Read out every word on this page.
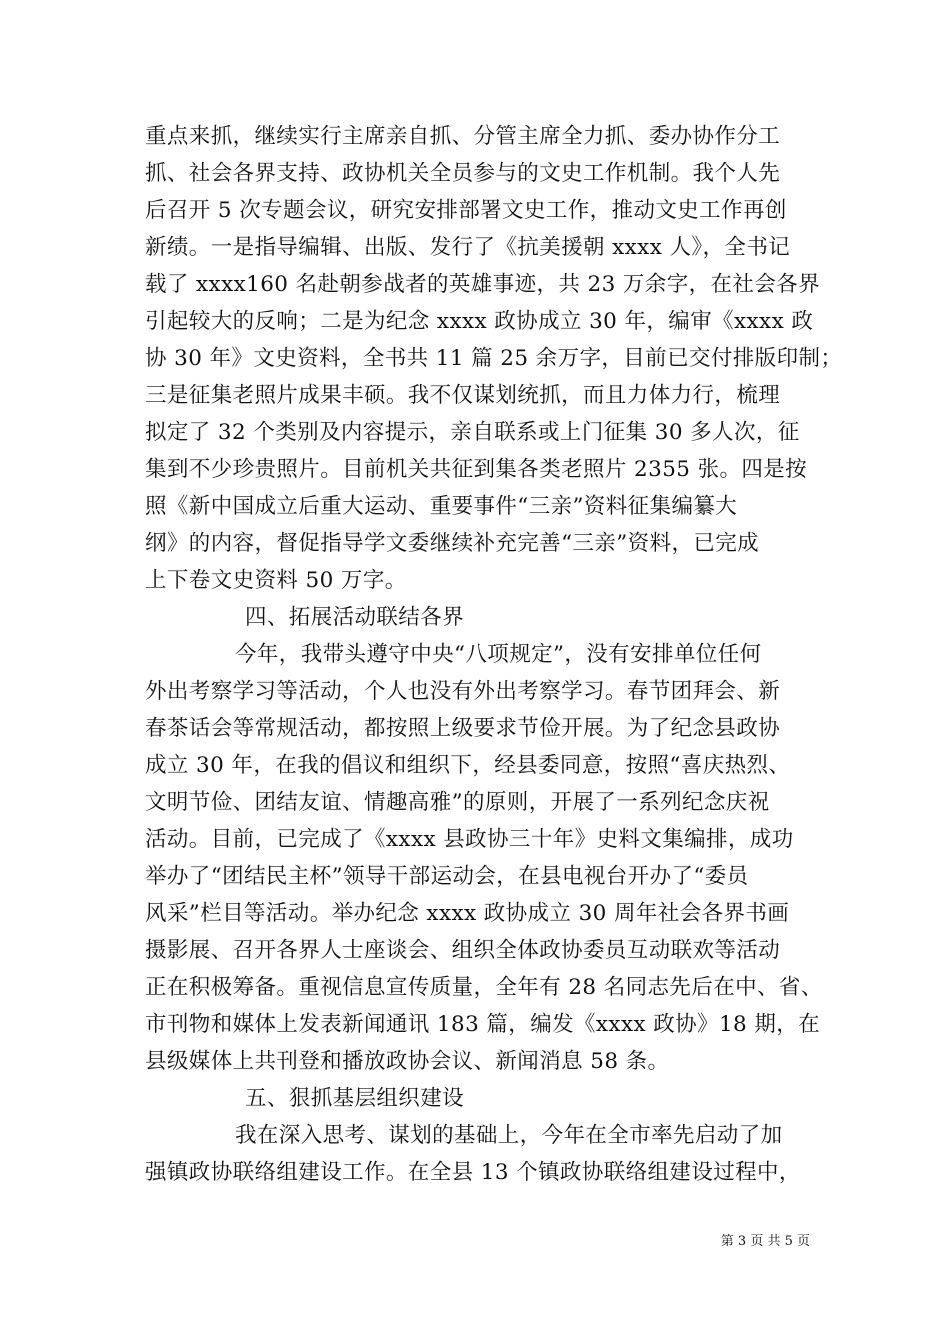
重点来抓，继续实行主席亲自抓、分管主席全力抓、委办协作分工
抓、社会各界支持、政协机关全员参与的文史工作机制。我个人先
后召开 5 次专题会议，研究安排部署文史工作，推动文史工作再创
新绩。一是指导编辑、出版、发行了《抗美援朝 xxxx 人》，全书记
载了 xxxx160 名赴朝参战者的英雄事迹，共 23 万余字，在社会各界
引起较大的反响；二是为纪念 xxxx 政协成立 30 年，编审《xxxx 政
协 30 年》文史资料，全书共 11 篇 25 余万字，目前已交付排版印制；
三是征集老照片成果丰硕。我不仅谋划统抓，而且力体力行，梳理
拟定了 32 个类别及内容提示，亲自联系或上门征集 30 多人次，征
集到不少珍贵照片。目前机关共征到集各类老照片 2355 张。四是按
照《新中国成立后重大运动、重要事件“三亲”资料征集编纂大
纲》的内容，督促指导学文委继续补充完善“三亲”资料，已完成
上下卷文史资料 50 万字。
四、拓展活动联结各界
今年，我带头遵守中央“八项规定”，没有安排单位任何
外出考察学习等活动，个人也没有外出考察学习。春节团拜会、新
春茶话会等常规活动，都按照上级要求节俭开展。为了纪念县政协
成立 30 年，在我的倡议和组织下，经县委同意，按照“喜庆热烈、
文明节俭、团结友谊、情趣高雅”的原则，开展了一系列纪念庆祝
活动。目前，已完成了《xxxx 县政协三十年》史料文集编排，成功
举办了“团结民主杯”领导干部运动会，在县电视台开办了“委员
风采”栏目等活动。举办纪念 xxxx 政协成立 30 周年社会各界书画
摄影展、召开各界人士座谈会、组织全体政协委员互动联欢等活动
正在积极筹备。重视信息宣传质量，全年有 28 名同志先后在中、省、
市刊物和媒体上发表新闻通讯 183 篇，编发《xxxx 政协》18 期，在
县级媒体上共刊登和播放政协会议、新闻消息 58 条。
五、狠抓基层组织建设
我在深入思考、谋划的基础上，今年在全市率先启动了加
强镇政协联络组建设工作。在全县 13 个镇政协联络组建设过程中，
第 3 页 共 5 页
